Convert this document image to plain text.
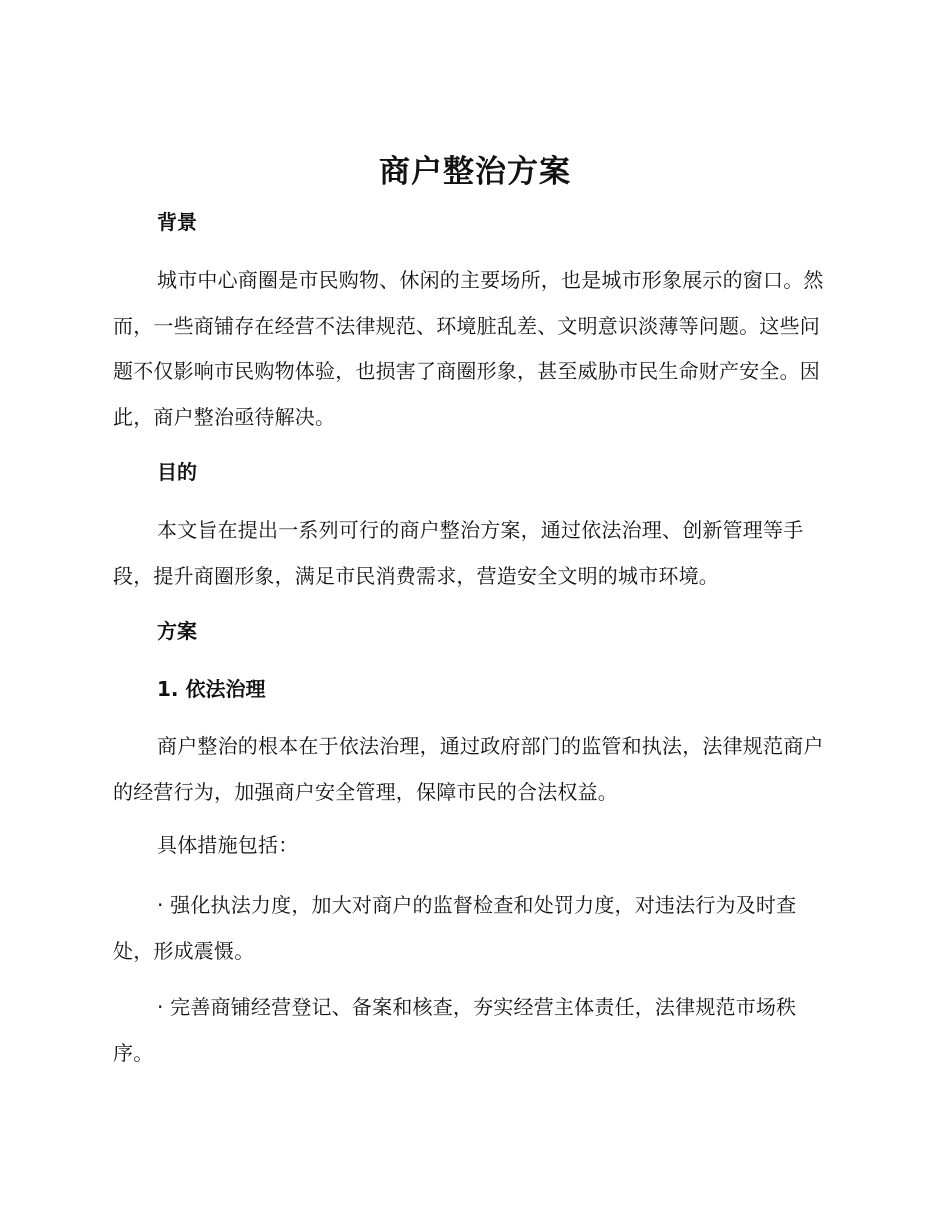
商户整治方案
背景
城市中心商圈是市民购物、休闲的主要场所，也是城市形象展示的窗口。然而，一些商铺存在经营不法律规范、环境脏乱差、文明意识淡薄等问题。这些问题不仅影响市民购物体验，也损害了商圈形象，甚至威胁市民生命财产安全。因此，商户整治亟待解决。
目的
本文旨在提出一系列可行的商户整治方案，通过依法治理、创新管理等手段，提升商圈形象，满足市民消费需求，营造安全文明的城市环境。
方案
1. 依法治理
商户整治的根本在于依法治理，通过政府部门的监管和执法，法律规范商户的经营行为，加强商户安全管理，保障市民的合法权益。
具体措施包括：
· 强化执法力度，加大对商户的监督检查和处罚力度，对违法行为及时查处，形成震慑。
· 完善商铺经营登记、备案和核查，夯实经营主体责任，法律规范市场秩序。
